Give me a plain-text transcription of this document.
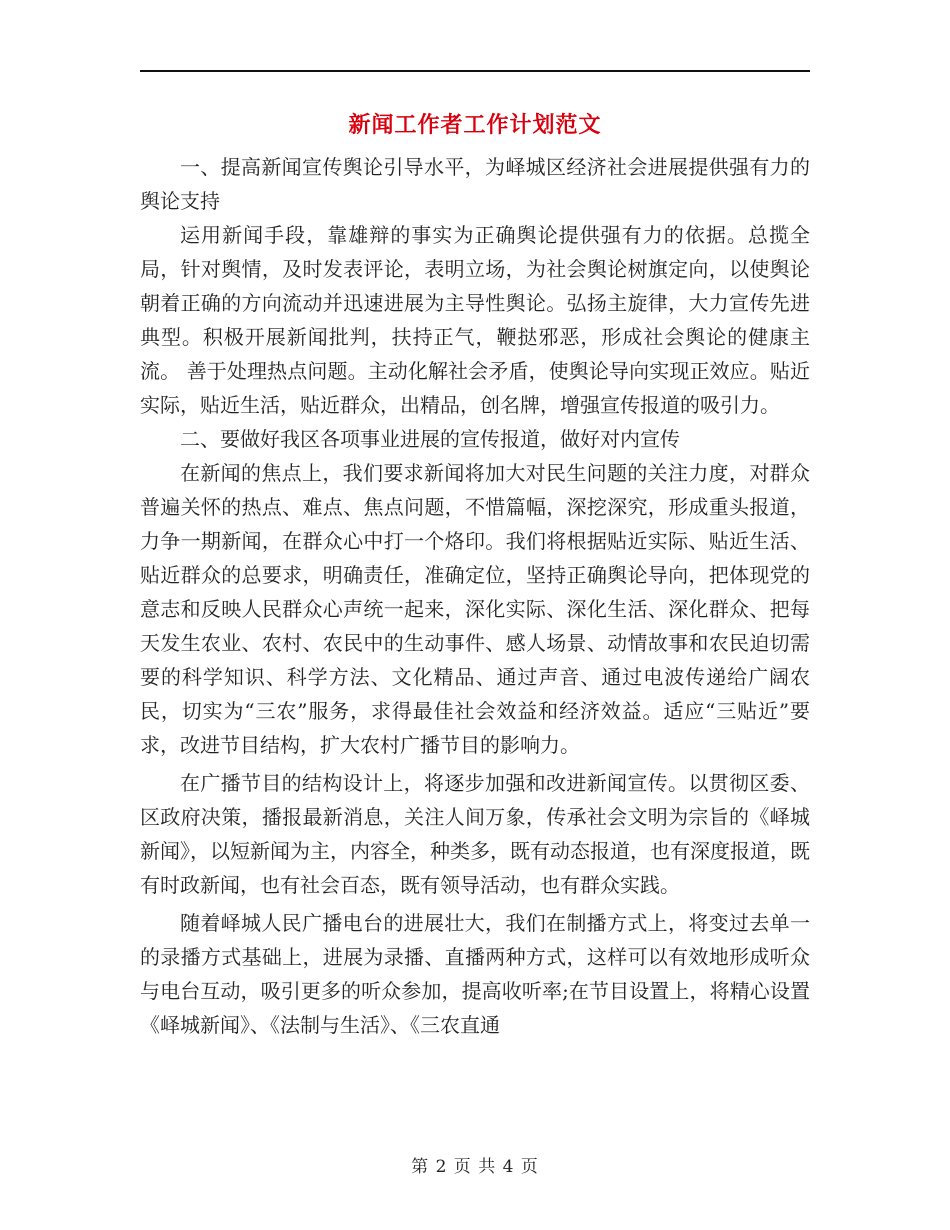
新闻工作者工作计划范文

一、提高新闻宣传舆论引导水平，为峄城区经济社会进展提供强有力的舆论支持

运用新闻手段，靠雄辩的事实为正确舆论提供强有力的依据。总揽全局，针对舆情，及时发表评论，表明立场，为社会舆论树旗定向，以使舆论朝着正确的方向流动并迅速进展为主导性舆论。弘扬主旋律，大力宣传先进典型。积极开展新闻批判，扶持正气，鞭挞邪恶，形成社会舆论的健康主流。 善于处理热点问题。主动化解社会矛盾，使舆论导向实现正效应。贴近实际，贴近生活，贴近群众，出精品，创名牌，增强宣传报道的吸引力。

二、要做好我区各项事业进展的宣传报道，做好对内宣传

在新闻的焦点上，我们要求新闻将加大对民生问题的关注力度，对群众普遍关怀的热点、难点、焦点问题，不惜篇幅，深挖深究，形成重头报道，力争一期新闻，在群众心中打一个烙印。我们将根据贴近实际、贴近生活、贴近群众的总要求，明确责任，准确定位，坚持正确舆论导向，把体现党的意志和反映人民群众心声统一起来，深化实际、深化生活、深化群众、把每天发生农业、农村、农民中的生动事件、感人场景、动情故事和农民迫切需要的科学知识、科学方法、文化精品、通过声音、通过电波传递给广阔农民，切实为“三农”服务，求得最佳社会效益和经济效益。适应“三贴近”要求，改进节目结构，扩大农村广播节目的影响力。

在广播节目的结构设计上，将逐步加强和改进新闻宣传。以贯彻区委、区政府决策，播报最新消息，关注人间万象，传承社会文明为宗旨的《峄城新闻》，以短新闻为主，内容全，种类多，既有动态报道，也有深度报道，既有时政新闻，也有社会百态，既有领导活动，也有群众实践。

随着峄城人民广播电台的进展壮大，我们在制播方式上，将变过去单一的录播方式基础上，进展为录播、直播两种方式，这样可以有效地形成听众与电台互动，吸引更多的听众参加，提高收听率;在节目设置上，将精心设置《峄城新闻》、《法制与生活》、《三农直通

第 2 页 共 4 页
